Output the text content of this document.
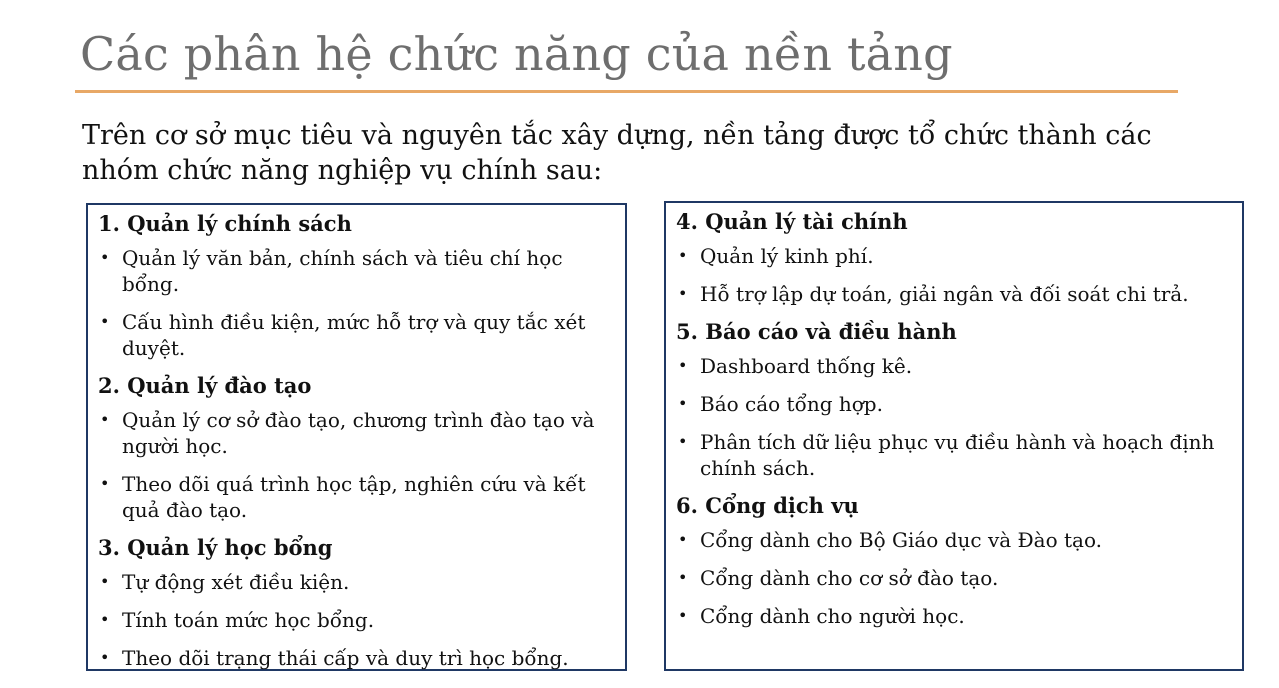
Các phân hệ chức năng của nền tảng
Trên cơ sở mục tiêu và nguyên tắc xây dựng, nền tảng được tổ chức thành các nhóm chức năng nghiệp vụ chính sau:
1. Quản lý chính sách
• Quản lý văn bản, chính sách và tiêu chí học bổng.
• Cấu hình điều kiện, mức hỗ trợ và quy tắc xét duyệt.
2. Quản lý đào tạo
• Quản lý cơ sở đào tạo, chương trình đào tạo và người học.
• Theo dõi quá trình học tập, nghiên cứu và kết quả đào tạo.
3. Quản lý học bổng
• Tự động xét điều kiện.
• Tính toán mức học bổng.
• Theo dõi trạng thái cấp và duy trì học bổng.
4. Quản lý tài chính
• Quản lý kinh phí.
• Hỗ trợ lập dự toán, giải ngân và đối soát chi trả.
5. Báo cáo và điều hành
• Dashboard thống kê.
• Báo cáo tổng hợp.
• Phân tích dữ liệu phục vụ điều hành và hoạch định chính sách.
6. Cổng dịch vụ
• Cổng dành cho Bộ Giáo dục và Đào tạo.
• Cổng dành cho cơ sở đào tạo.
• Cổng dành cho người học.
